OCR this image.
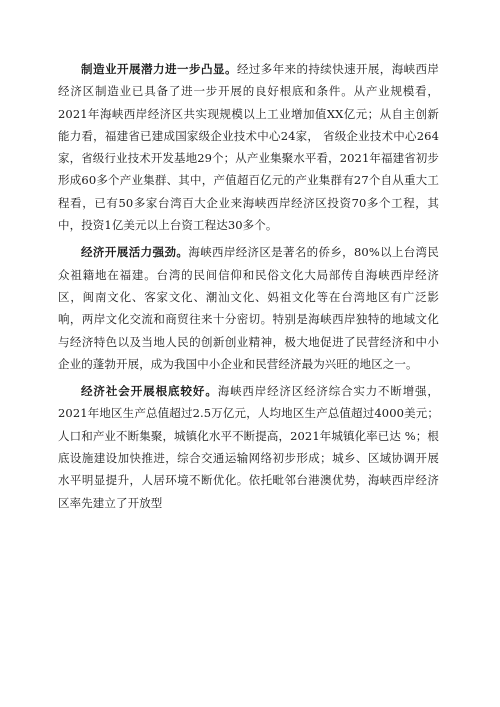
制造业开展潜力进一步凸显。经过多年来的持续快速开展，海峡西岸经济区制造业已具备了进一步开展的良好根底和条件。从产业规模看，2021年海峡西岸经济区共实现规模以上工业增加值XX亿元；从自主创新能力看，福建省已建成国家级企业技术中心24家， 省级企业技术中心264家，省级行业技术开发基地29个；从产业集聚水平看，2021年福建省初步形成60多个产业集群、其中，产值超百亿元的产业集群有27个自从重大工程看，已有50多家台湾百大企业来海峡西岸经济区投资70多个工程，其中，投资1亿美元以上台资工程达30多个。

经济开展活力强劲。海峡西岸经济区是著名的侨乡，80%以上台湾民众祖籍地在福建。台湾的民间信仰和民俗文化大局部传自海峡西岸经济区，闽南文化、客家文化、潮汕文化、妈祖文化等在台湾地区有广泛影响，两岸文化交流和商贸往来十分密切。特别是海峡西岸独特的地域文化与经济特色以及当地人民的创新创业精神，极大地促进了民营经济和中小企业的蓬勃开展，成为我国中小企业和民营经济最为兴旺的地区之一。

经济社会开展根底较好。海峡西岸经济区经济综合实力不断增强，2021年地区生产总值超过2.5万亿元，人均地区生产总值超过4000美元；人口和产业不断集聚，城镇化水平不断提高，2021年城镇化率已达 %；根底设施建设加快推进，综合交通运输网络初步形成；城乡、区域协调开展水平明显提升，人居环境不断优化。依托毗邻台港澳优势，海峡西岸经济区率先建立了开放型
